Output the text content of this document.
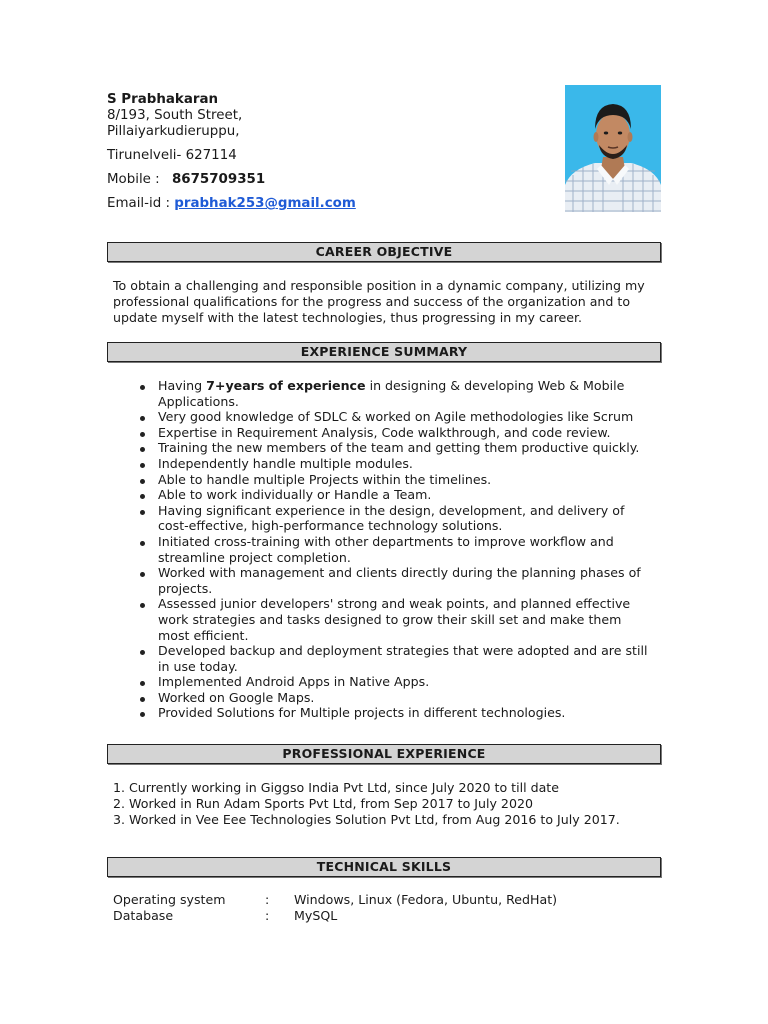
S Prabhakaran
8/193, South Street,
Pillaiyarkudieruppu,
Tirunelveli- 627114
Mobile : 8675709351
Email-id : prabhak253@gmail.com
CAREER OBJECTIVE
To obtain a challenging and responsible position in a dynamic company, utilizing my professional qualifications for the progress and success of the organization and to update myself with the latest technologies, thus progressing in my career.
EXPERIENCE SUMMARY
Having 7+years of experience in designing & developing Web & Mobile Applications.
Very good knowledge of SDLC & worked on Agile methodologies like Scrum
Expertise in Requirement Analysis, Code walkthrough, and code review.
Training the new members of the team and getting them productive quickly.
Independently handle multiple modules.
Able to handle multiple Projects within the timelines.
Able to work individually or Handle a Team.
Having significant experience in the design, development, and delivery of cost-effective, high-performance technology solutions.
Initiated cross-training with other departments to improve workflow and streamline project completion.
Worked with management and clients directly during the planning phases of projects.
Assessed junior developers' strong and weak points, and planned effective work strategies and tasks designed to grow their skill set and make them most efficient.
Developed backup and deployment strategies that were adopted and are still in use today.
Implemented Android Apps in Native Apps.
Worked on Google Maps.
Provided Solutions for Multiple projects in different technologies.
PROFESSIONAL EXPERIENCE
1. Currently working in Giggso India Pvt Ltd, since July 2020 to till date
2. Worked in Run Adam Sports Pvt Ltd, from Sep 2017 to July 2020
3. Worked in Vee Eee Technologies Solution Pvt Ltd, from Aug 2016 to July 2017.
TECHNICAL SKILLS
Operating system	: Windows, Linux (Fedora, Ubuntu, RedHat)
Database	: MySQL
